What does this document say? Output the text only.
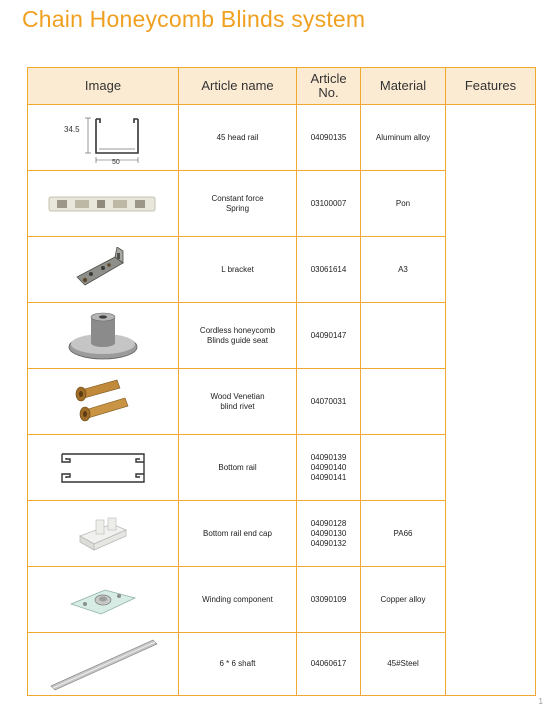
Chain Honeycomb Blinds system
Image	Article name	Article
No.	Material	Features

34.5
50	45 head rail	04090135	Aluminum alloy	

	Constant force
Spring	03100007	Pon	

	L bracket	03061614	A3	

	Cordless honeycomb
Blinds guide seat	04090147		

	Wood Venetian
blind rivet	04070031		

	Bottom rail	04090139
04090140
04090141		

	Bottom rail end cap	04090128
04090130
04090132	PA66	

	Winding component	03090109	Copper alloy	

	6 * 6 shaft	04060617	45#Steel	
1
